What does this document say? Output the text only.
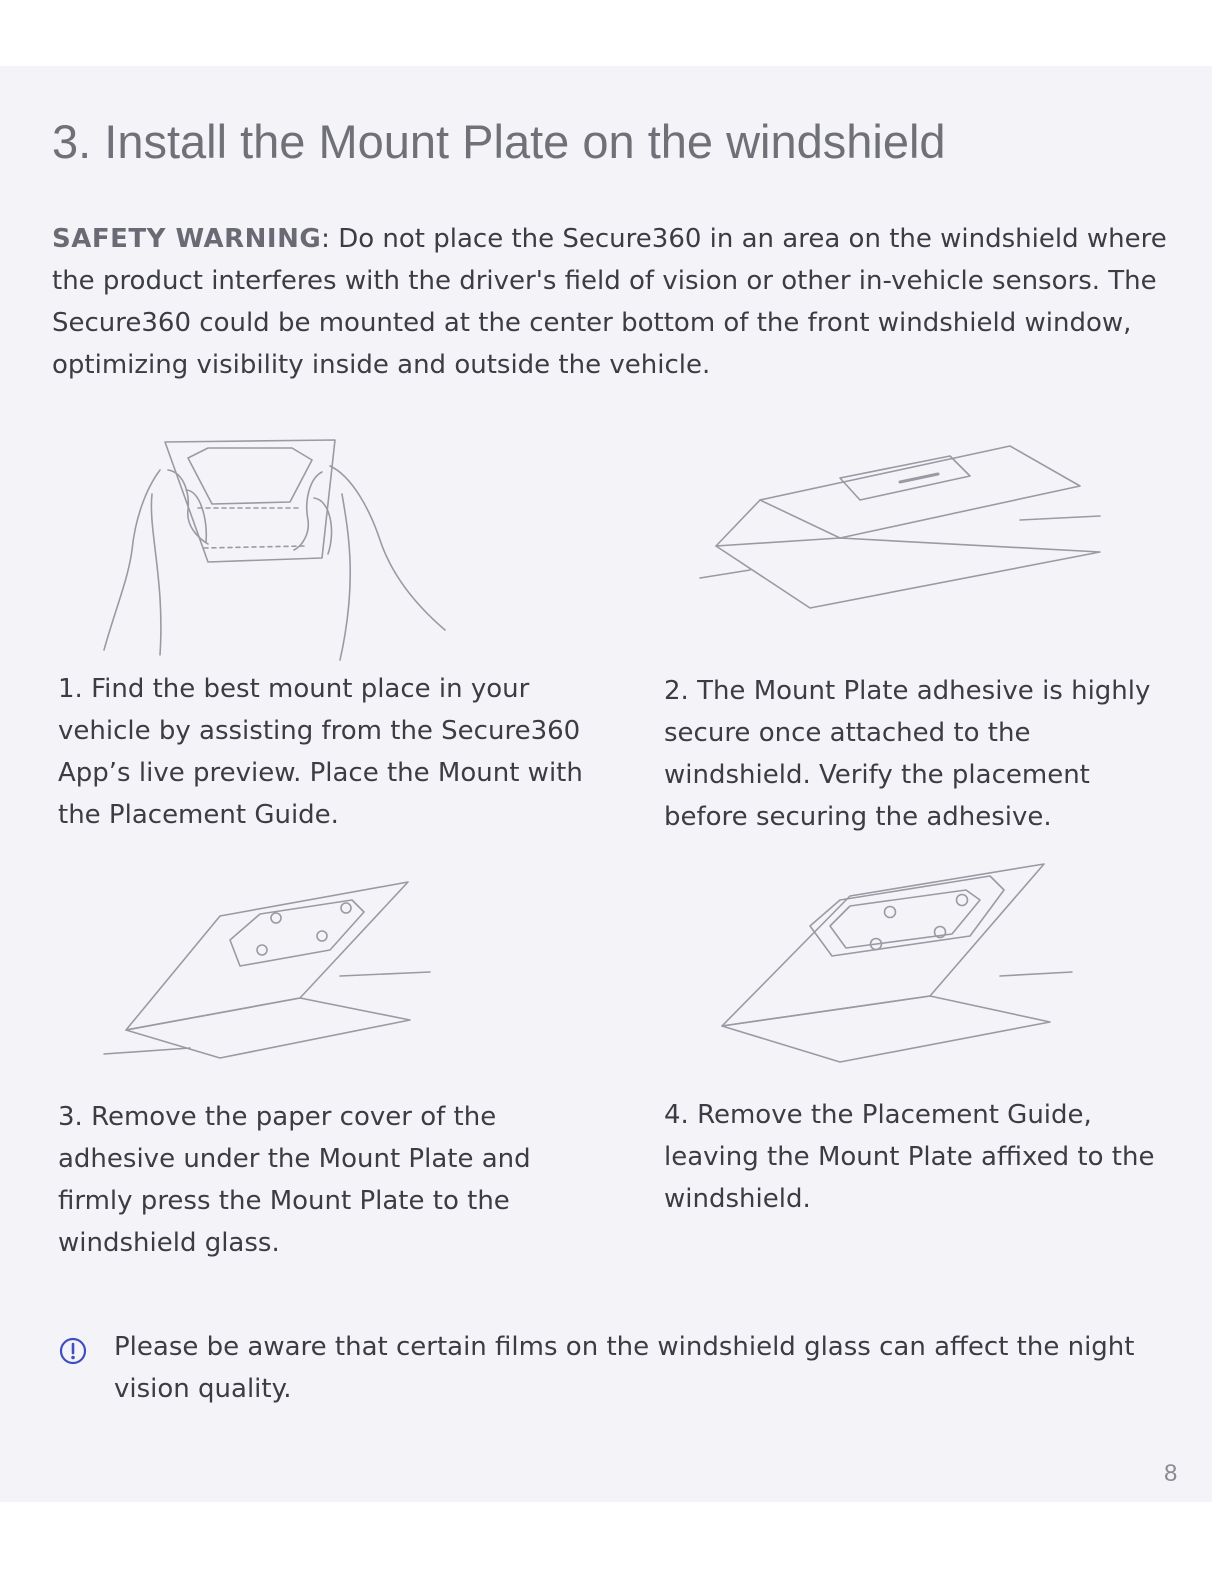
3. Install the Mount Plate on the windshield

SAFETY WARNING: Do not place the Secure360 in an area on the windshield where the product interferes with the driver's field of vision or other in-vehicle sensors. The Secure360 could be mounted at the center bottom of the front windshield window, optimizing visibility inside and outside the vehicle.

1. Find the best mount place in your vehicle by assisting from the Secure360 App’s live preview. Place the Mount with the Placement Guide.

2. The Mount Plate adhesive is highly secure once attached to the windshield. Verify the placement before securing the adhesive.

3. Remove the paper cover of the adhesive under the Mount Plate and firmly press the Mount Plate to the windshield glass.

4. Remove the Placement Guide, leaving the Mount Plate affixed to the windshield.

Please be aware that certain films on the windshield glass can affect the night vision quality.

8
